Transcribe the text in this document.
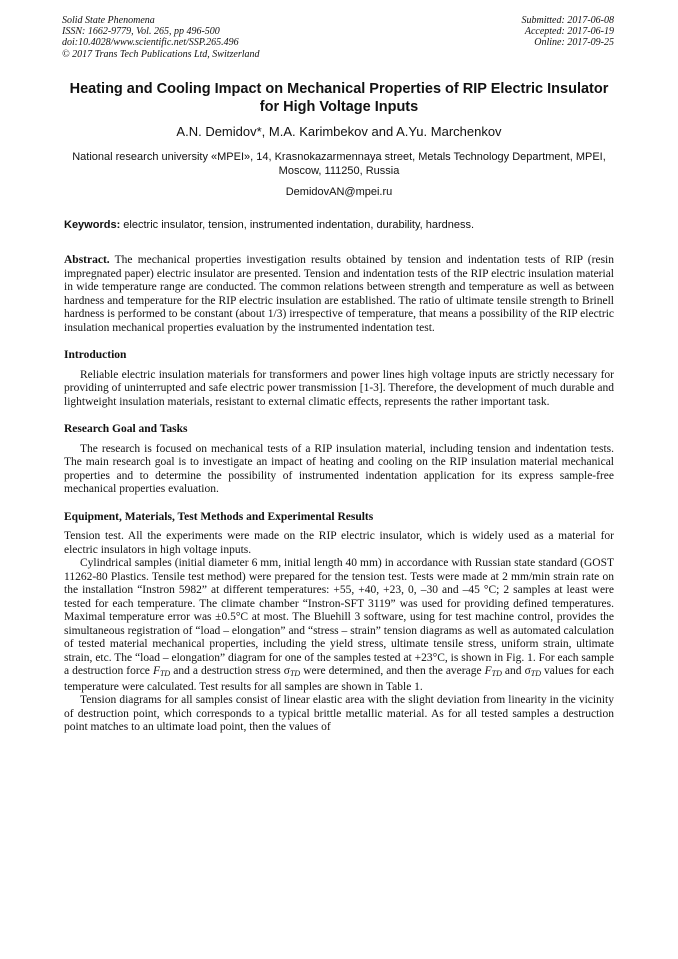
Solid State Phenomena
ISSN: 1662-9779, Vol. 265, pp 496-500
doi:10.4028/www.scientific.net/SSP.265.496
© 2017 Trans Tech Publications Ltd, Switzerland
Submitted: 2017-06-08
Accepted: 2017-06-19
Online: 2017-09-25
Heating and Cooling Impact on Mechanical Properties of RIP Electric Insulator for High Voltage Inputs
A.N. Demidov*, M.A. Karimbekov and A.Yu. Marchenkov
National research university «MPEI», 14, Krasnokazarmennaya street, Metals Technology Department, MPEI, Moscow, 111250, Russia
DemidovAN@mpei.ru
Keywords: electric insulator, tension, instrumented indentation, durability, hardness.

Abstract. The mechanical properties investigation results obtained by tension and indentation tests of RIP (resin impregnated paper) electric insulator are presented. Tension and indentation tests of the RIP electric insulation material in wide temperature range are conducted. The common relations between strength and temperature as well as between hardness and temperature for the RIP electric insulation are established. The ratio of ultimate tensile strength to Brinell hardness is performed to be constant (about 1/3) irrespective of temperature, that means a possibility of the RIP electric insulation mechanical properties evaluation by the instrumented indentation test.

Introduction

Reliable electric insulation materials for transformers and power lines high voltage inputs are strictly necessary for providing of uninterrupted and safe electric power transmission [1-3]. Therefore, the development of much durable and lightweight insulation materials, resistant to external climatic effects, represents the rather important task.

Research Goal and Tasks

The research is focused on mechanical tests of a RIP insulation material, including tension and indentation tests. The main research goal is to investigate an impact of heating and cooling on the RIP insulation material mechanical properties and to determine the possibility of instrumented indentation application for its express sample-free mechanical properties evaluation.

Equipment, Materials, Test Methods and Experimental Results

Tension test. All the experiments were made on the RIP electric insulator, which is widely used as a material for electric insulators in high voltage inputs.

Cylindrical samples (initial diameter 6 mm, initial length 40 mm) in accordance with Russian state standard (GOST 11262-80 Plastics. Tensile test method) were prepared for the tension test. Tests were made at 2 mm/min strain rate on the installation “Instron 5982” at different temperatures: +55, +40, +23, 0, –30 and –45 °C; 2 samples at least were tested for each temperature. The climate chamber “Instron-SFT 3119” was used for providing defined temperatures. Maximal temperature error was ±0.5°C at most. The Bluehill 3 software, using for test machine control, provides the simultaneous registration of “load – elongation” and “stress – strain” tension diagrams as well as automated calculation of tested material mechanical properties, including the yield stress, ultimate tensile stress, uniform strain, ultimate strain, etc. The “load – elongation” diagram for one of the samples tested at +23°C, is shown in Fig. 1. For each sample a destruction force $F_{TD}$ and a destruction stress $\sigma_{TD}$ were determined, and then the average $F_{TD}$ and $\sigma_{TD}$ values for each temperature were calculated. Test results for all samples are shown in Table 1.

Tension diagrams for all samples consist of linear elastic area with the slight deviation from linearity in the vicinity of destruction point, which corresponds to a typical brittle metallic material. As for all tested samples a destruction point matches to an ultimate load point, then the values of
